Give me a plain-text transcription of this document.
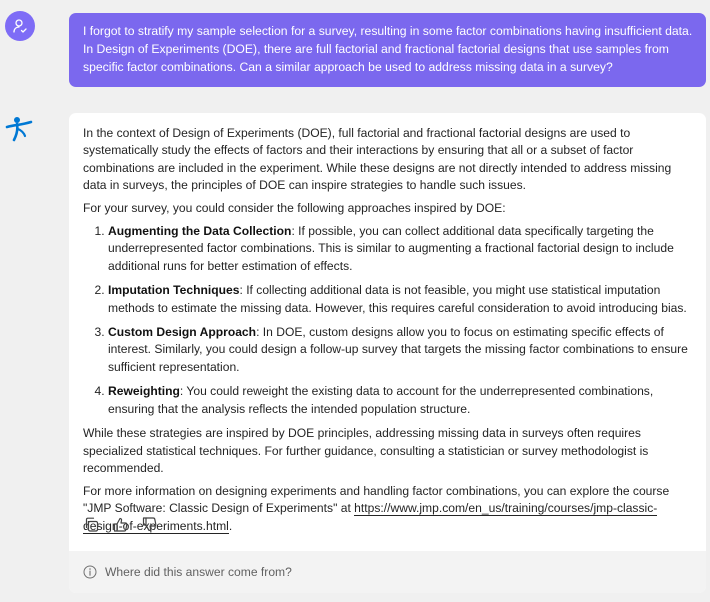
I forgot to stratify my sample selection for a survey, resulting in some factor combinations having insufficient data. In Design of Experiments (DOE), there are full factorial and fractional factorial designs that use samples from specific factor combinations. Can a similar approach be used to address missing data in a survey?

In the context of Design of Experiments (DOE), full factorial and fractional factorial designs are used to systematically study the effects of factors and their interactions by ensuring that all or a subset of factor combinations are included in the experiment. While these designs are not directly intended to address missing data in surveys, the principles of DOE can inspire strategies to handle such issues.

For your survey, you could consider the following approaches inspired by DOE:

1. Augmenting the Data Collection: If possible, you can collect additional data specifically targeting the underrepresented factor combinations. This is similar to augmenting a fractional factorial design to include additional runs for better estimation of effects.
2. Imputation Techniques: If collecting additional data is not feasible, you might use statistical imputation methods to estimate the missing data. However, this requires careful consideration to avoid introducing bias.
3. Custom Design Approach: In DOE, custom designs allow you to focus on estimating specific effects of interest. Similarly, you could design a follow-up survey that targets the missing factor combinations to ensure sufficient representation.
4. Reweighting: You could reweight the existing data to account for the underrepresented combinations, ensuring that the analysis reflects the intended population structure.

While these strategies are inspired by DOE principles, addressing missing data in surveys often requires specialized statistical techniques. For further guidance, consulting a statistician or survey methodologist is recommended.

For more information on designing experiments and handling factor combinations, you can explore the course "JMP Software: Classic Design of Experiments" at https://www.jmp.com/en_us/training/courses/jmp-classic-design-of-experiments.html.

Where did this answer come from?
